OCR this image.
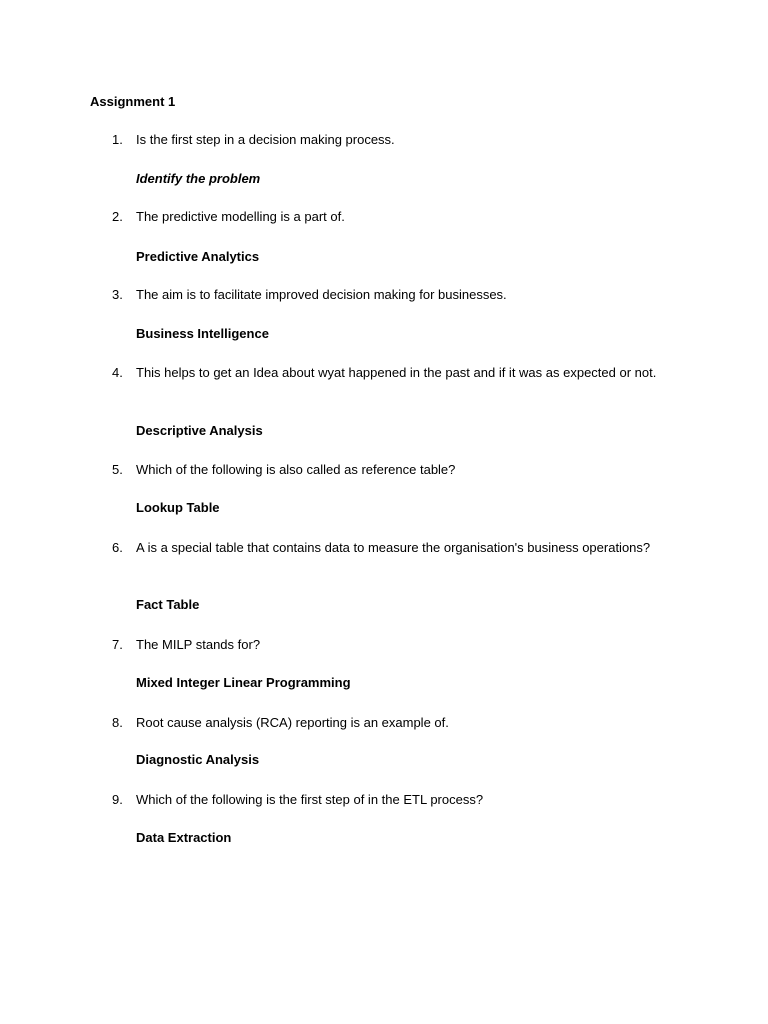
Assignment 1
1.	Is the first step in a decision making process.
Identify the problem
2.	The predictive modelling is a part of.
Predictive Analytics
3.	The aim is to facilitate improved decision making for businesses.
Business Intelligence
4.	This helps to get an Idea about wyat happened in the past and if it was as expected or not.
Descriptive Analysis
5.	Which of the following is also called as reference table?
Lookup Table
6.	A is a special table that contains data to measure the organisation's business operations?
Fact Table
7.	The MILP stands for?
Mixed Integer Linear Programming
8.	Root cause analysis (RCA) reporting is an example of.
Diagnostic Analysis
9.	Which of the following is the first step of in the ETL process?
Data Extraction
